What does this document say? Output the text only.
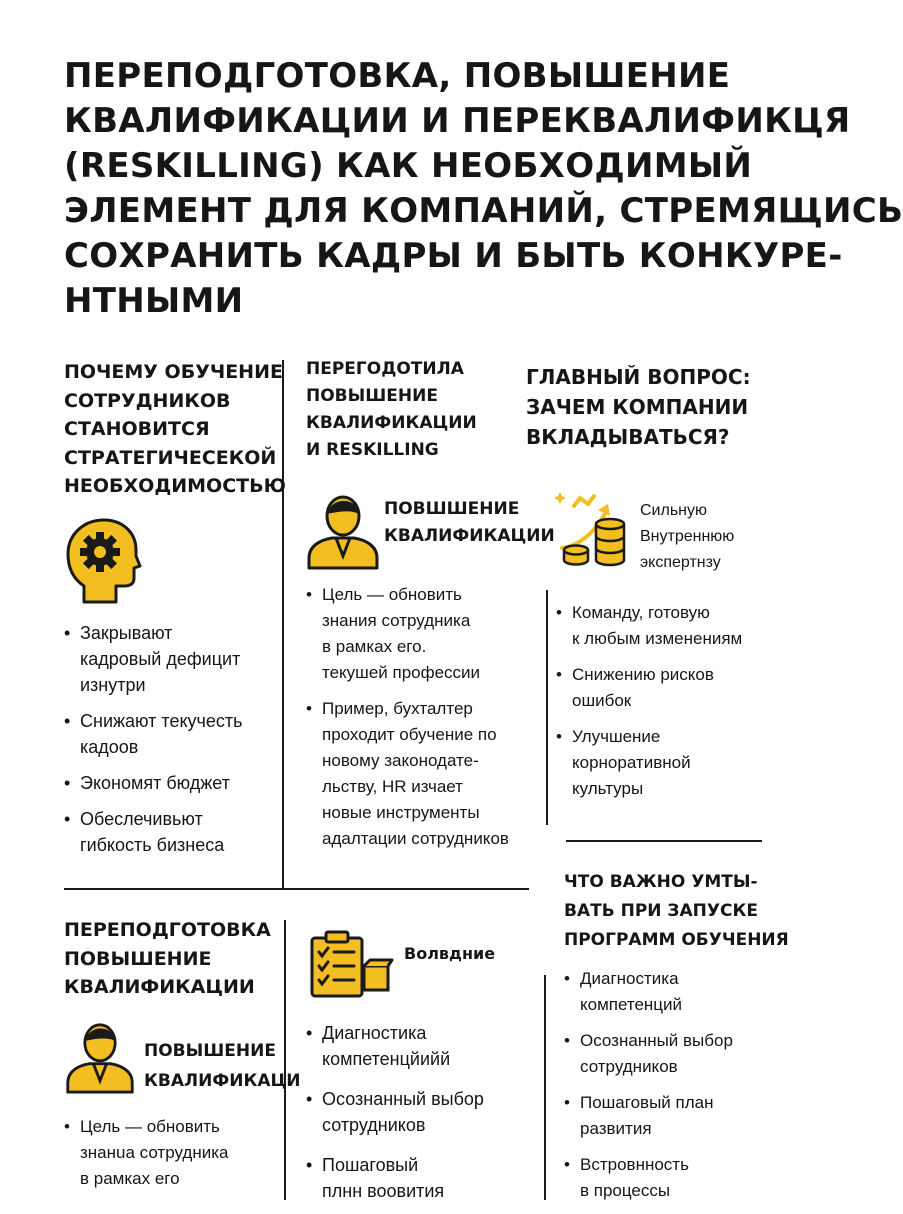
ПЕРЕПОДГОТОВКА, ПОВЫШЕНИЕ
КВАЛИФИКАЦИИ И ПЕРЕКВАЛИФИКЦЯ
(RESKILLING) КАК НЕОБХОДИМЫЙ
ЭЛЕМЕНТ ДЛЯ КОМПАНИЙ, СТРЕМЯЩИСЬ
СОХРАНИТЬ КАДРЫ И БЫТЬ КОНКУРЕ-
НТНЫМИ
ПОЧЕМУ ОБУЧЕНИЕ
СОТРУДНИКОВ
СТАНОВИТСЯ
СТРАТЕГИЧЕСЕКОЙ
НЕОБХОДИМОСТЬЮ
• Закрывают
кадровый дефицит
изнутри
• Снижают текучесть
кадоов
• Экономят бюджет
• Обеслечивьют
гибкость бизнеса
ПЕРЕГОДОТИЛА
ПОВЫШЕНИЕ
КВАЛИФИКАЦИИ
И RESKILLING
ПОВШШЕНИЕ
КВАЛИФИКАЦИИ
• Цель — обновить
знания сотрудника
в рамках его.
текушей профессии
• Пример, бухталтер
проходит обучение по
новому законодате-
льству, HR изчает
новые инструменты
адалтации сотрудников
ГЛАВНЫЙ ВОПРОС:
ЗАЧЕМ КОМПАНИИ
ВКЛАДЫВАТЬСЯ?
Сильную
Внутреннюю
экспертнзу
• Команду, готовую
к любым изменениям
• Снижению рисков
ошибок
• Улучшение
корноративной
культуры
ЧТО ВАЖНО УМТЫ-
ВАТЬ ПРИ ЗАПУСКЕ
ПРОГРАММ ОБУЧЕНИЯ
• Диагностика
компетенций
• Осознанный выбор
сотрудников
• Пошаговый план
развития
• Встровнность
в процессы
ПЕРЕПОДГОТОВКА
ПОВЫШЕНИЕ
КВАЛИФИКАЦИИ
ПОВЫШЕНИЕ
КВАЛИФИКАЦИ
• Цель — обновить
знанuа сотрудника
в рамках его
Волвдние
• Диагностика
компетенцйийй
• Осознанный выбор
сотрудников
• Пошаговый
плнн воовития
